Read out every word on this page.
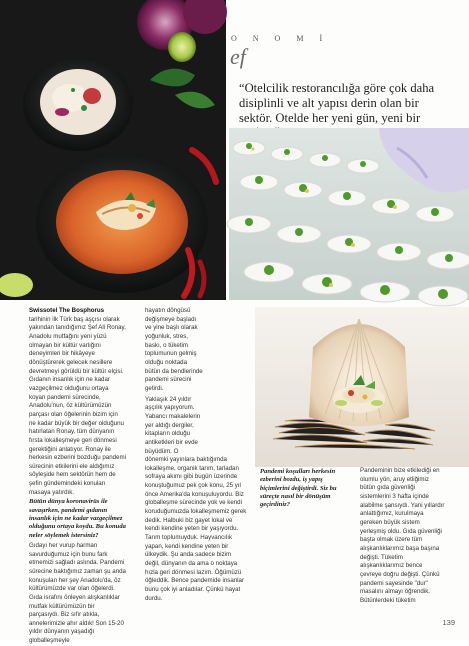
O N O M İ
ef
“Otelcilik restorancılığa göre çok daha disiplinli ve alt yapısı derin olan bir sektör. Otelde her yeni gün, yeni bir

Swissotel The Bosphorus tarihinin ilk Türk baş aşçısı olarak yakından tanıdığımız Şef Ali Ronay, Anadolu mutfağını yeni yüzü olmayan bir kültür varlığını deneyimleri bir hikâyeye dönüştürerek gelecek nesillere devretmeyi görüldü bir kültür elçisi. Gıdanın insanlık için ne kadar vazgeçilmez olduğunu ortaya koyan pandemi sürecinde, Anadolu'nun, öz kültürümüzün parçası olan öğelerinin bizim için ne kadar büyük bir değer olduğunu hatırlatan Ronay, tüm dünyanın fırsta lokalleşmeye geri dönmesi gerektiğini anlatıyor. Ronay ile herkesin ezberini bozduğu pandemi sürecinin etkilerini ele aldığımız söyleşide hem sektörün hem de şefin gündemindeki konuları masaya yatırdık.

Bütün dünya koronavirüs ile savaşırken, pandemi gıdanın insanlık için ne kadar vazgeçilmez olduğunu ortaya koydu. Bu konuda neler söylemek istersiniz?

Gıdayı her vurup harman savurduğumuz için bunu fark etmemizi sağladı aslında. Pandemi sürecine baktığımız zaman şu anda konuşulan her şey Anadolu'da, öz kültürümüzde var olan öğelerdi. Gıda israfını önleyen alışkanlıklar mutfak kültürümüzün bir parçasıydı. Biz sıfır atıkla, annelerimizle ahır aldık! Son 15-20 yıldır dünyanın yaşadığı globalleşmeyle

hayatın döngüsü değişmeye başladı ve yine başlı olarak yoğunluk, stres, baskı, o tüketim toplumunun gelmiş olduğu noktada bütün da bendlerinde pandemi sürecini getirdi.

Yaklaşık 24 yıldır aşçılık yapıyorum. Yabancı makalelerin yer aldığı dergiler, kitapların olduğu antiketkleri bir evde büyüdüm. O

dönemki yayınlara baktığımda lokalleşme, organik tarım, tarladan sofraya akımı gibi bugün üzerinde konuştuğumuz pek çok konu, 25 yıl önce Amerika'da konuşuluyordu. Biz globalleşme sürecinde yok ve kendi koruduğumuzda lokalleşmemiz gerek dedik. Halbuki biz gayet lokal ve kendi kendine yeten bir yaşıyordu. Tarım toplumuyduk. Hayvancılık yapan, kendi kendine yeten bir ülkeydik. Şu anda sadece bizim değil, dünyanın da ama o noktaya hızla geri dönmesi lazım. Öğümüzü öğleddik. Bence pandemide insanlar bunu çok iyi anladılar. Çünkü hayat durdu.

Pandemi koşulları herkesin ezberini bozdu, iş yapış biçimlerini değiştirdi. Siz bu süreçte nasıl bir dönüşüm geçirdiniz?

Pandeminin bize etkilediği en olumlu yön, aruy etliğimiz bütün gıda güvenliği sistemlerini 3 hafta içinde alabilme şansıydı. Yani yıllardır anlattığımız, kurulmaya gereken büyük sistem yerleşmiş oldu. Gıda güvenliği başta olmak üzere tüm alışkanlıklarımız başa başına değişti. Tüketim alışkanlıklarımız bence çevreye doğru değişti. Çünkü pandemi sayesinde "dur" masalını almayı öğrendik. Bütünlerdeki tüketim

139
